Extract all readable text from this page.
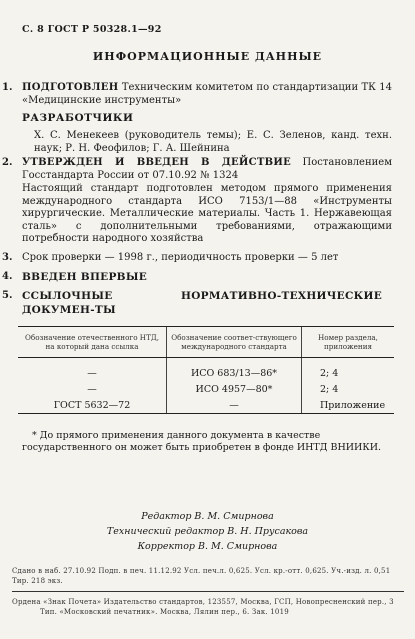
С. 8 ГОСТ Р 50328.1—92
ИНФОРМАЦИОННЫЕ ДАННЫЕ
1. ПОДГОТОВЛЕН Техническим комитетом по стандартизации ТК 14 «Медицинские инструменты»
РАЗРАБОТЧИКИ
Х. С. Менекеев (руководитель темы); Е. С. Зеленов, канд. техн. наук; Р. Н. Феофилов; Г. А. Шейнина
2. УТВЕРЖДЕН И ВВЕДЕН В ДЕЙСТВИЕ Постановлением Госстандарта России от 07.10.92 № 1324
Настоящий стандарт подготовлен методом прямого применения международного стандарта ИСО 7153/1—88 «Инструменты хирургические. Металлические материалы. Часть 1. Нержавеющая сталь» с дополнительными требованиями, отражающими потребности народного хозяйства
3. Срок проверки — 1998 г., периодичность проверки — 5 лет
4. ВВЕДЕН ВПЕРВЫЕ
5. ССЫЛОЧНЫЕ НОРМАТИВНО-ТЕХНИЧЕСКИЕ ДОКУМЕН-ТЫ
Обозначение отечественного НТД, на который дана ссылка	Обозначение соответ-ствующего международного стандарта	Номер раздела, приложения
—	ИСО 683/13—86*	2; 4
—	ИСО 4957—80*	2; 4
ГОСТ 5632—72	—	Приложение
* До прямого применения данного документа в качестве государственного он может быть приобретен в фонде ИНТД ВНИИКИ.
Редактор В. М. Смирнова
Технический редактор В. Н. Прусакова
Корректор В. М. Смирнова
Сдано в наб. 27.10.92 Подп. в печ. 11.12.92 Усл. печ.л. 0,625. Усл. кр.-отт. 0,625. Уч.-изд. л. 0,51
Тир. 218 экз.
Ордена «Знак Почета» Издательство стандартов, 123557, Москва, ГСП, Новопресненский пер., 3
Тип. «Московский печатник». Москва, Лялин пер., 6. Зак. 1019
